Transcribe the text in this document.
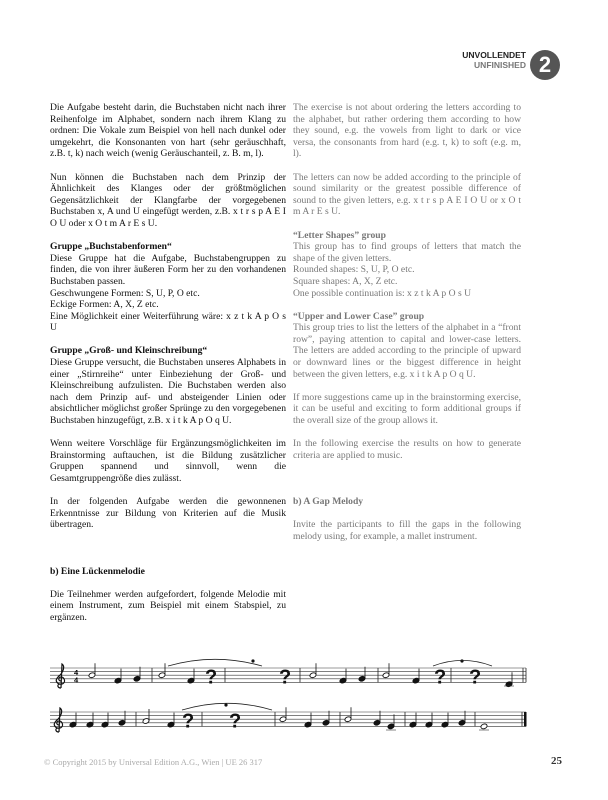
UNVOLLENDET
UNFINISHED 2

Die Aufgabe besteht darin, die Buchstaben nicht nach ihrer Reihenfolge im Alphabet, sondern nach ihrem Klang zu ordnen: Die Vokale zum Beispiel von hell nach dunkel oder umgekehrt, die Konsonanten von hart (sehr geräuschhaft, z.B. t, k) nach weich (wenig Geräuschanteil, z. B. m, l).

Nun können die Buchstaben nach dem Prinzip der Ähnlichkeit des Klanges oder der größtmöglichen Gegensätzlichkeit der Klangfarbe der vorgegebenen Buchstaben x, A und U eingefügt werden, z.B. x t r s p A E I O U oder x O t m A r E s U.

Gruppe „Buchstabenformen“
Diese Gruppe hat die Aufgabe, Buchstabengruppen zu finden, die von ihrer äußeren Form her zu den vorhandenen Buchstaben passen.
Geschwungene Formen: S, U, P, O etc.
Eckige Formen: A, X, Z etc.
Eine Möglichkeit einer Weiterführung wäre: x z t k A p O s U

Gruppe „Groß- und Kleinschreibung“
Diese Gruppe versucht, die Buchstaben unseres Alphabets in einer „Stirnreihe“ unter Einbeziehung der Groß- und Kleinschreibung aufzulisten. Die Buchstaben werden also nach dem Prinzip auf- und absteigender Linien oder absichtlicher möglichst großer Sprünge zu den vorgegebenen Buchstaben hinzugefügt, z.B. x i t k A p O q U.

Wenn weitere Vorschläge für Ergänzungsmöglichkeiten im Brainstorming auftauchen, ist die Bildung zusätzlicher Gruppen spannend und sinnvoll, wenn die Gesamtgruppengröße dies zulässt.

In der folgenden Aufgabe werden die gewonnenen Erkenntnisse zur Bildung von Kriterien auf die Musik übertragen.

b) Eine Lückenmelodie

Die Teilnehmer werden aufgefordert, folgende Melodie mit einem Instrument, zum Beispiel mit einem Stabspiel, zu ergänzen.

The exercise is not about ordering the letters according to the alphabet, but rather ordering them according to how they sound, e.g. the vowels from light to dark or vice versa, the consonants from hard (e.g. t, k) to soft (e.g. m, l).

The letters can now be added according to the principle of sound similarity or the greatest possible difference of sound to the given letters, e.g. x t r s p A E I O U or x O t m A r E s U.

“Letter Shapes” group
This group has to find groups of letters that match the shape of the given letters.
Rounded shapes: S, U, P, O etc.
Square shapes: A, X, Z etc.
One possible continuation is: x z t k A p O s U

“Upper and Lower Case” group
This group tries to list the letters of the alphabet in a “front row”, paying attention to capital and lower-case letters. The letters are added according to the principle of upward or downward lines or the biggest difference in height between the given letters, e.g. x i t k A p O q U.

If more suggestions came up in the brainstorming exercise, it can be useful and exciting to form additional groups if the overall size of the group allows it.

In the following exercise the results on how to generate criteria are applied to music.

b) A Gap Melody

Invite the participants to fill the gaps in the following melody using, for example, a mallet instrument.

4
4	?	?	? ?
? ?
© Copyright 2015 by Universal Edition A.G., Wien | UE 26 317	25
